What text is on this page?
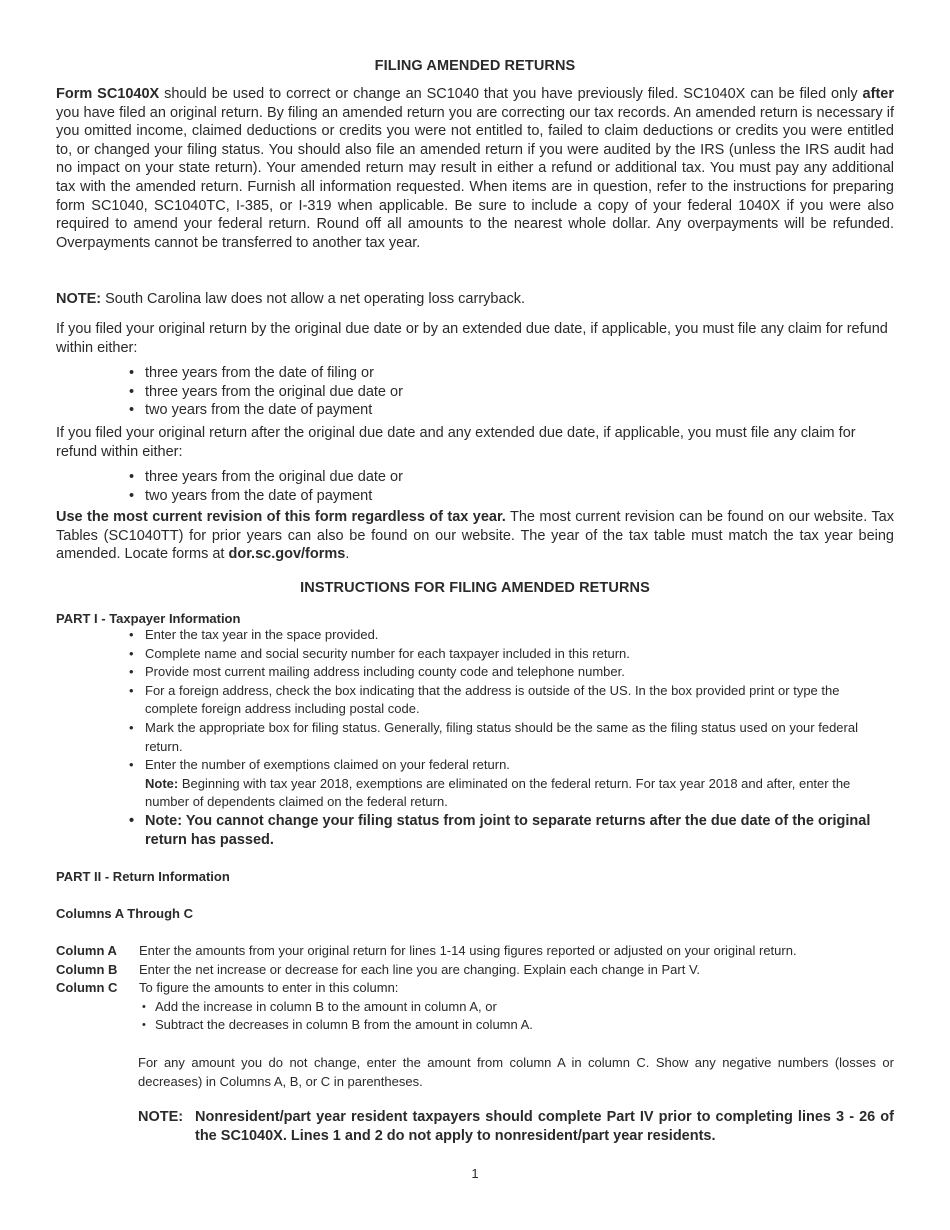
FILING AMENDED RETURNS

Form SC1040X should be used to correct or change an SC1040 that you have previously filed. SC1040X can be filed only after you have filed an original return. By filing an amended return you are correcting our tax records. An amended return is necessary if you omitted income, claimed deductions or credits you were not entitled to, failed to claim deductions or credits you were entitled to, or changed your filing status. You should also file an amended return if you were audited by the IRS (unless the IRS audit had no impact on your state return). Your amended return may result in either a refund or additional tax. You must pay any additional tax with the amended return. Furnish all information requested. When items are in question, refer to the instructions for preparing form SC1040, SC1040TC, I-385, or I-319 when applicable. Be sure to include a copy of your federal 1040X if you were also required to amend your federal return. Round off all amounts to the nearest whole dollar. Any overpayments will be refunded. Overpayments cannot be transferred to another tax year.

NOTE: South Carolina law does not allow a net operating loss carryback.

If you filed your original return by the original due date or by an extended due date, if applicable, you must file any claim for refund within either:

• three years from the date of filing or
• three years from the original due date or
• two years from the date of payment

If you filed your original return after the original due date and any extended due date, if applicable, you must file any claim for refund within either:

• three years from the original due date or
• two years from the date of payment

Use the most current revision of this form regardless of tax year. The most current revision can be found on our website. Tax Tables (SC1040TT) for prior years can also be found on our website. The year of the tax table must match the tax year being amended. Locate forms at dor.sc.gov/forms.

INSTRUCTIONS FOR FILING AMENDED RETURNS

PART I - Taxpayer Information

• Enter the tax year in the space provided.
• Complete name and social security number for each taxpayer included in this return.
• Provide most current mailing address including county code and telephone number.
• For a foreign address, check the box indicating that the address is outside of the US. In the box provided print or type the complete foreign address including postal code.
• Mark the appropriate box for filing status. Generally, filing status should be the same as the filing status used on your federal return.
• Enter the number of exemptions claimed on your federal return.

Note: Beginning with tax year 2018, exemptions are eliminated on the federal return. For tax year 2018 and after, enter the number of dependents claimed on the federal return.

• Note: You cannot change your filing status from joint to separate returns after the due date of the original return has passed.

PART II - Return Information

Columns A Through C

Column A Enter the amounts from your original return for lines 1-14 using figures reported or adjusted on your original return.
Column B Enter the net increase or decrease for each line you are changing. Explain each change in Part V.
Column C To figure the amounts to enter in this column:
• Add the increase in column B to the amount in column A, or
• Subtract the decreases in column B from the amount in column A.

For any amount you do not change, enter the amount from column A in column C. Show any negative numbers (losses or decreases) in Columns A, B, or C in parentheses.

NOTE: Nonresident/part year resident taxpayers should complete Part IV prior to completing lines 3 - 26 of the SC1040X. Lines 1 and 2 do not apply to nonresident/part year residents.
1
